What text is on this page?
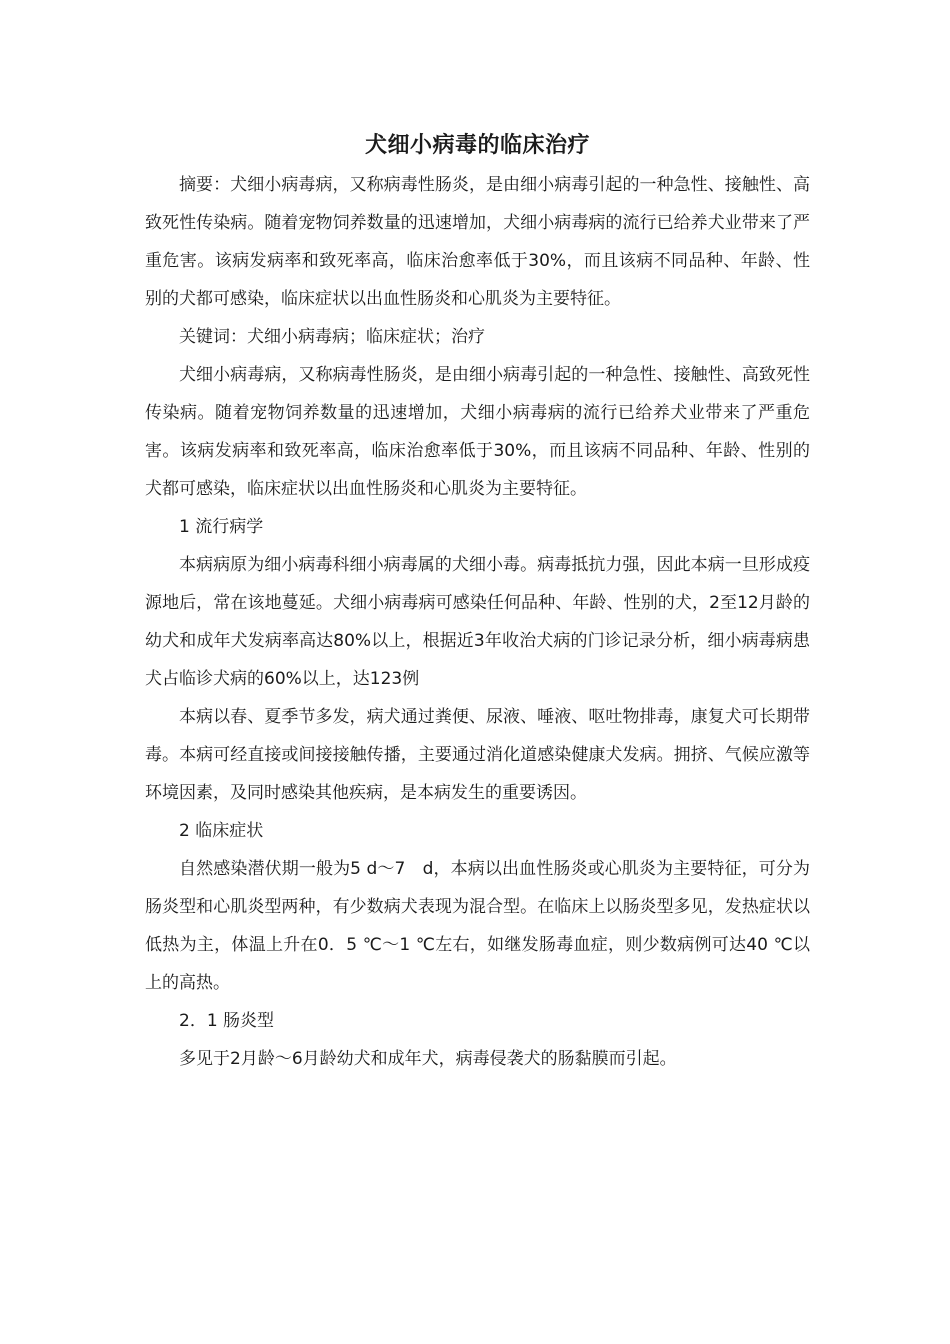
犬细小病毒的临床治疗

摘要：犬细小病毒病，又称病毒性肠炎，是由细小病毒引起的一种急性、接触性、高致死性传染病。随着宠物饲养数量的迅速增加，犬细小病毒病的流行已给养犬业带来了严重危害。该病发病率和致死率高，临床治愈率低于30%，而且该病不同品种、年龄、性别的犬都可感染，临床症状以出血性肠炎和心肌炎为主要特征。

关键词：犬细小病毒病；临床症状；治疗

犬细小病毒病，又称病毒性肠炎，是由细小病毒引起的一种急性、接触性、高致死性传染病。随着宠物饲养数量的迅速增加，犬细小病毒病的流行已给养犬业带来了严重危害。该病发病率和致死率高，临床治愈率低于30%，而且该病不同品种、年龄、性别的犬都可感染，临床症状以出血性肠炎和心肌炎为主要特征。

1 流行病学

本病病原为细小病毒科细小病毒属的犬细小毒。病毒抵抗力强，因此本病一旦形成疫源地后，常在该地蔓延。犬细小病毒病可感染任何品种、年龄、性别的犬，2至12月龄的幼犬和成年犬发病率高达80%以上，根据近3年收治犬病的门诊记录分析，细小病毒病患犬占临诊犬病的60%以上，达123例

本病以春、夏季节多发，病犬通过粪便、尿液、唾液、呕吐物排毒，康复犬可长期带毒。本病可经直接或间接接触传播，主要通过消化道感染健康犬发病。拥挤、气候应激等环境因素，及同时感染其他疾病，是本病发生的重要诱因。

2 临床症状

自然感染潜伏期一般为5 d～7　d，本病以出血性肠炎或心肌炎为主要特征，可分为肠炎型和心肌炎型两种，有少数病犬表现为混合型。在临床上以肠炎型多见，发热症状以低热为主，体温上升在0．5 ℃～1 ℃左右，如继发肠毒血症，则少数病例可达40 ℃以上的高热。

2．1 肠炎型

多见于2月龄～6月龄幼犬和成年犬，病毒侵袭犬的肠黏膜而引起。
